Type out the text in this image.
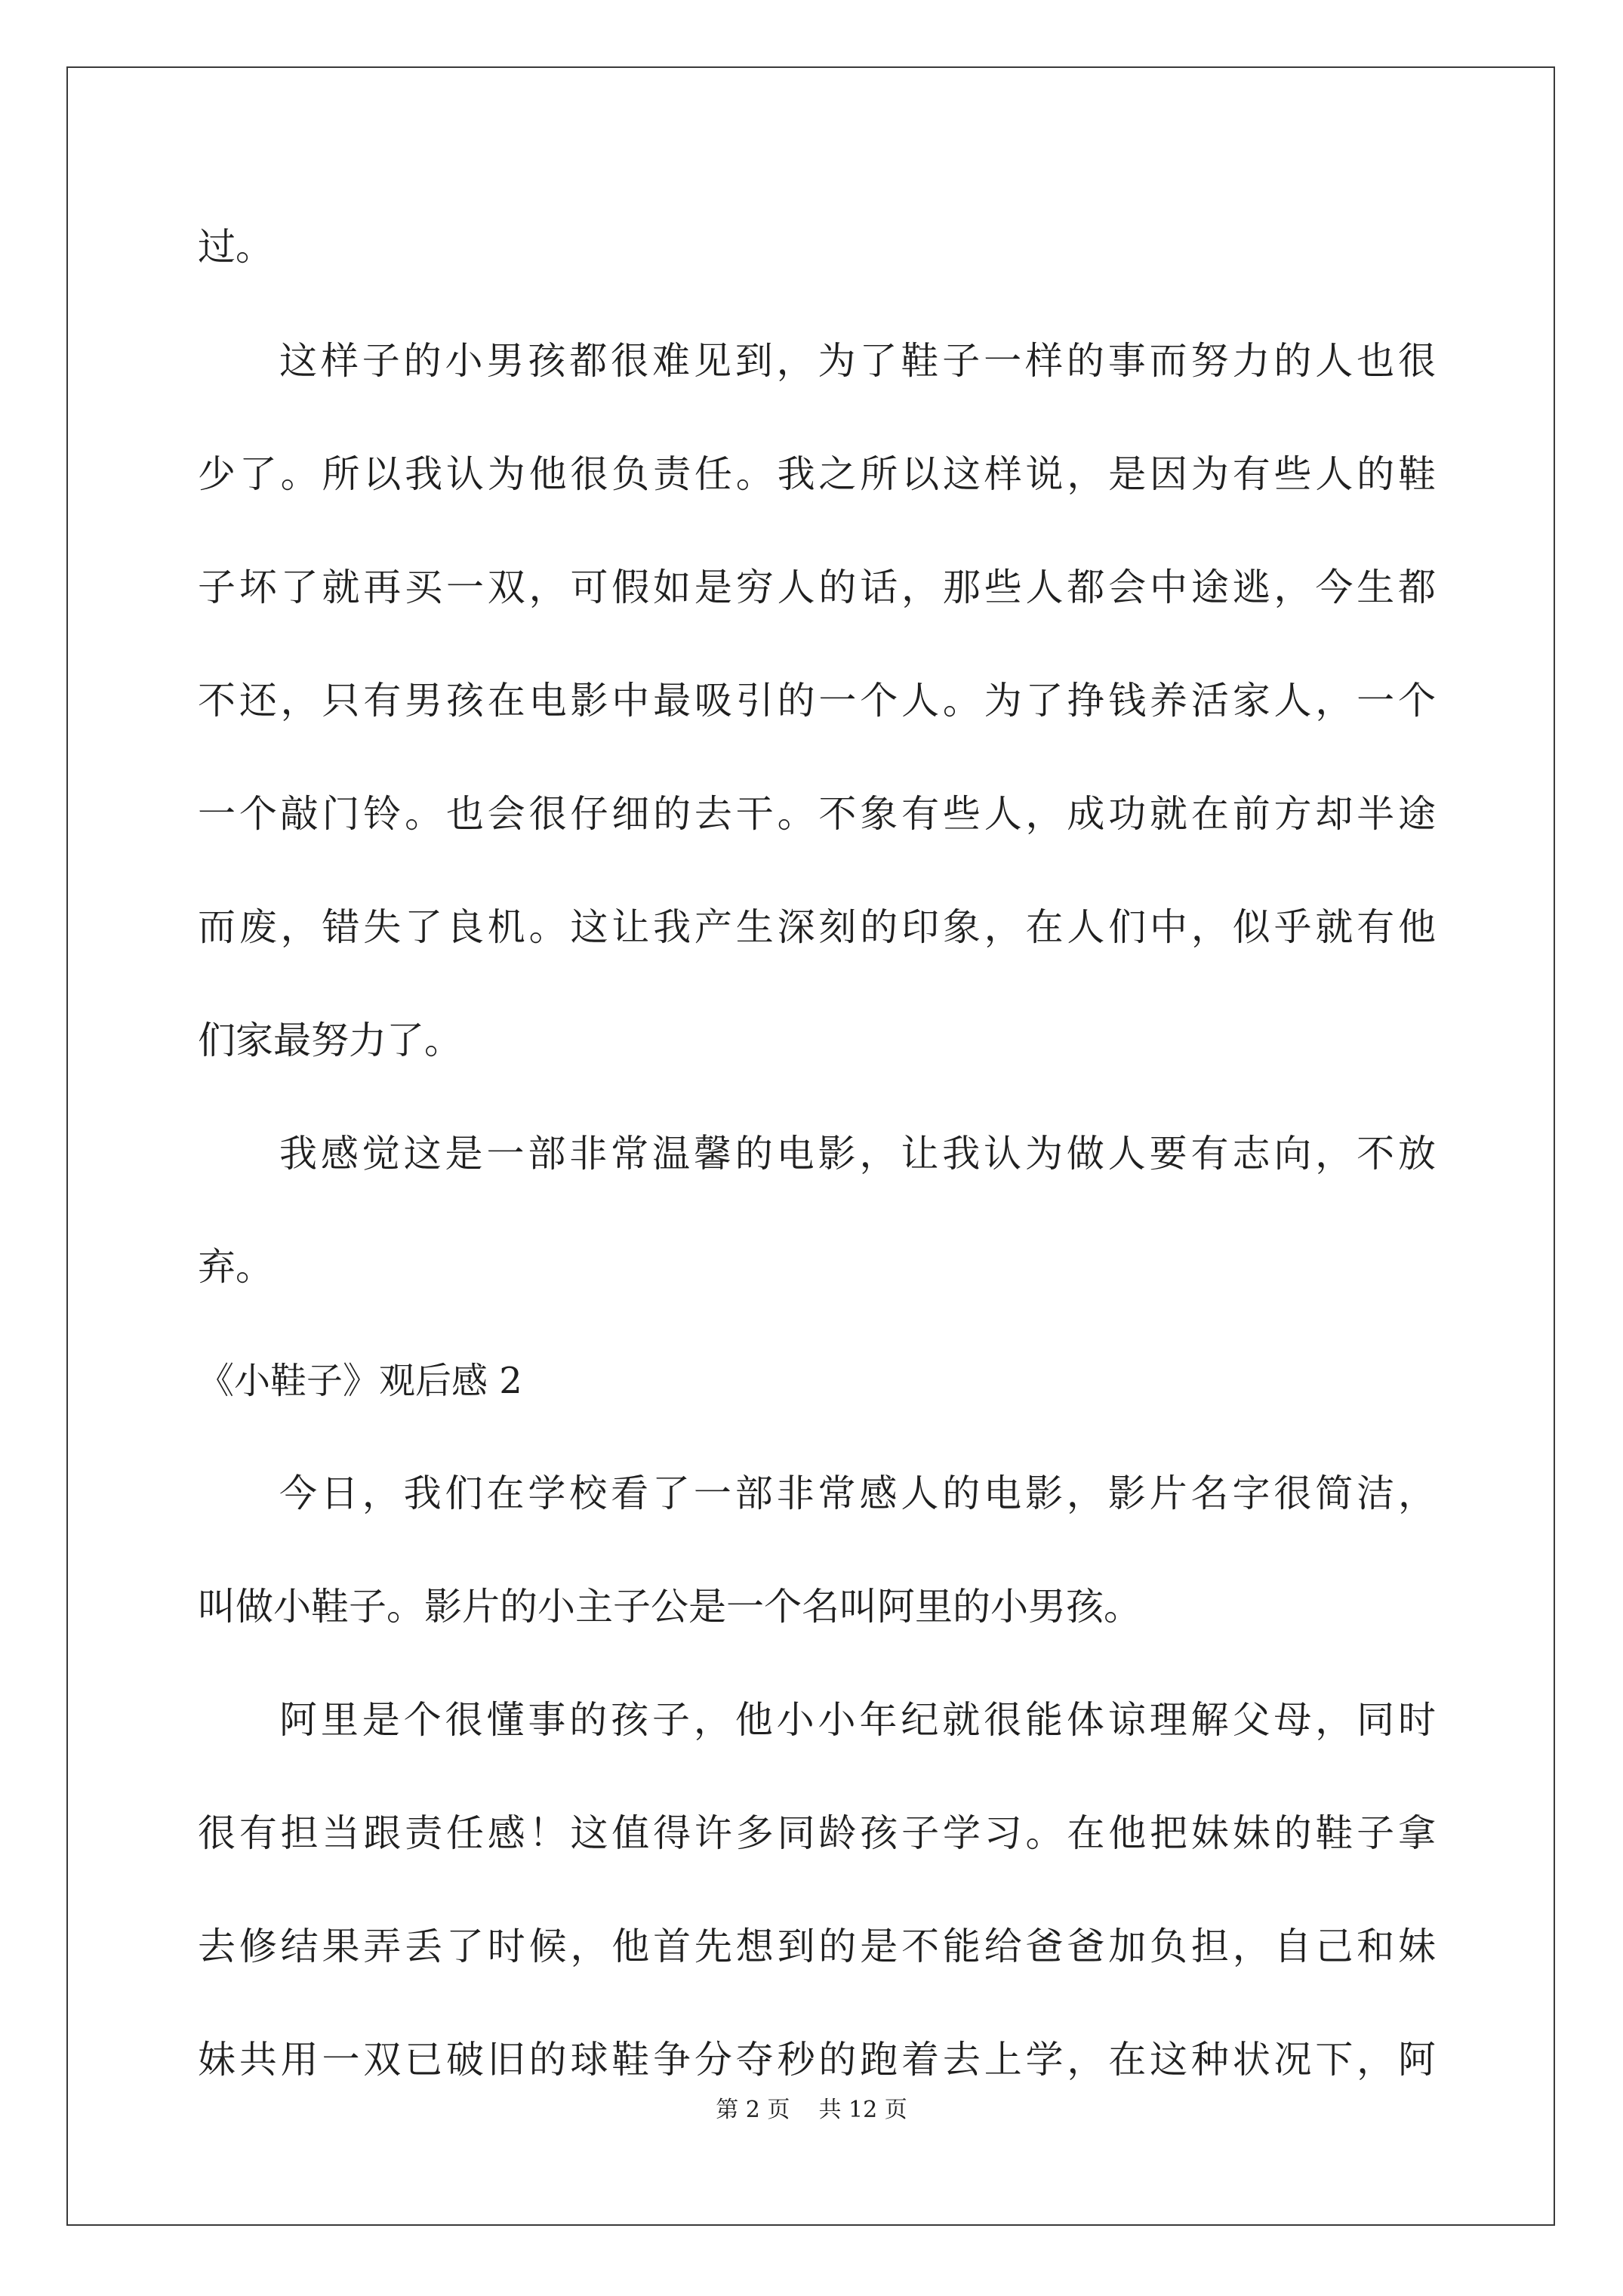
过。

这样子的小男孩都很难见到，为了鞋子一样的事而努力的人也很

少了。所以我认为他很负责任。我之所以这样说，是因为有些人的鞋

子坏了就再买一双，可假如是穷人的话，那些人都会中途逃，今生都

不还，只有男孩在电影中最吸引的一个人。为了挣钱养活家人，一个

一个敲门铃。也会很仔细的去干。不象有些人，成功就在前方却半途

而废，错失了良机。这让我产生深刻的印象，在人们中，似乎就有他

们家最努力了。

我感觉这是一部非常温馨的电影，让我认为做人要有志向，不放

弃。

《小鞋子》观后感 2

今日，我们在学校看了一部非常感人的电影，影片名字很简洁，

叫做小鞋子。影片的小主子公是一个名叫阿里的小男孩。

阿里是个很懂事的孩子，他小小年纪就很能体谅理解父母，同时

很有担当跟责任感！这值得许多同龄孩子学习。在他把妹妹的鞋子拿

去修结果弄丢了时候，他首先想到的是不能给爸爸加负担，自己和妹

妹共用一双已破旧的球鞋争分夺秒的跑着去上学，在这种状况下，阿

第 2 页    共 12 页
